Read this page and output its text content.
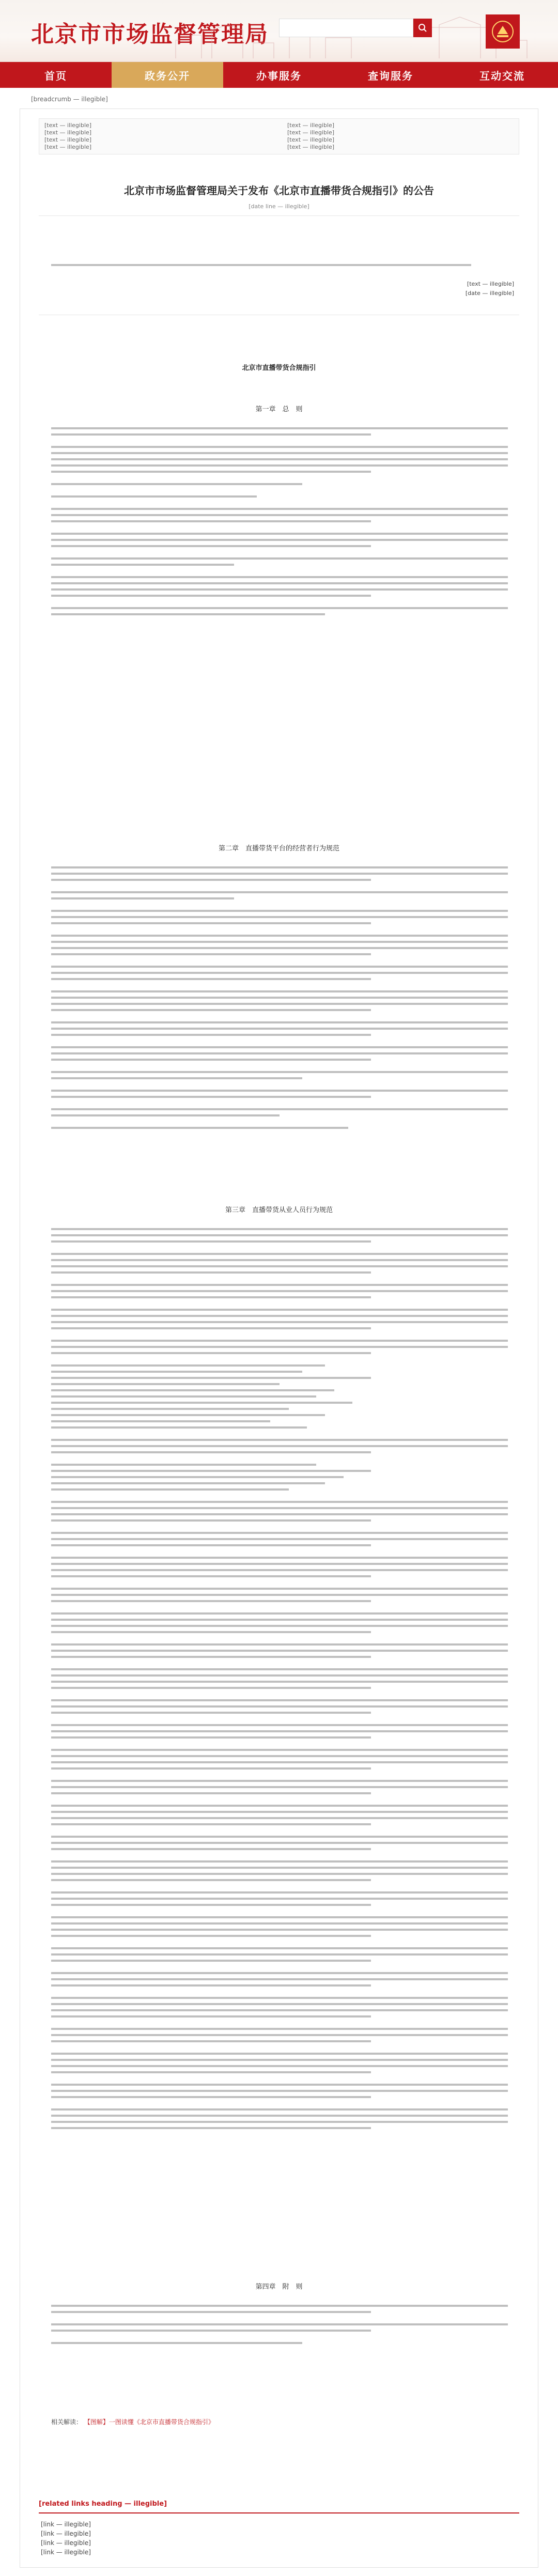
北京市市场监督管理局
首页	政务公开	办事服务	查询服务	互动交流
[breadcrumb — illegible]
[text — illegible]
[text — illegible]
[text — illegible]
[text — illegible]
[text — illegible]
[text — illegible]
[text — illegible]
[text — illegible]
北京市市场监督管理局关于发布《北京市直播带货合规指引》的公告
[date line — illegible]
[text — illegible]
[date — illegible]
北京市直播带货合规指引
第一章　总　则
第二章　直播带货平台的经营者行为规范
第三章　直播带货从业人员行为规范
第四章　附　则
相关解读： 【图解】一图读懂《北京市直播带货合规指引》
[related links heading — illegible]
[link — illegible]
[link — illegible]
[link — illegible]
[link — illegible]
